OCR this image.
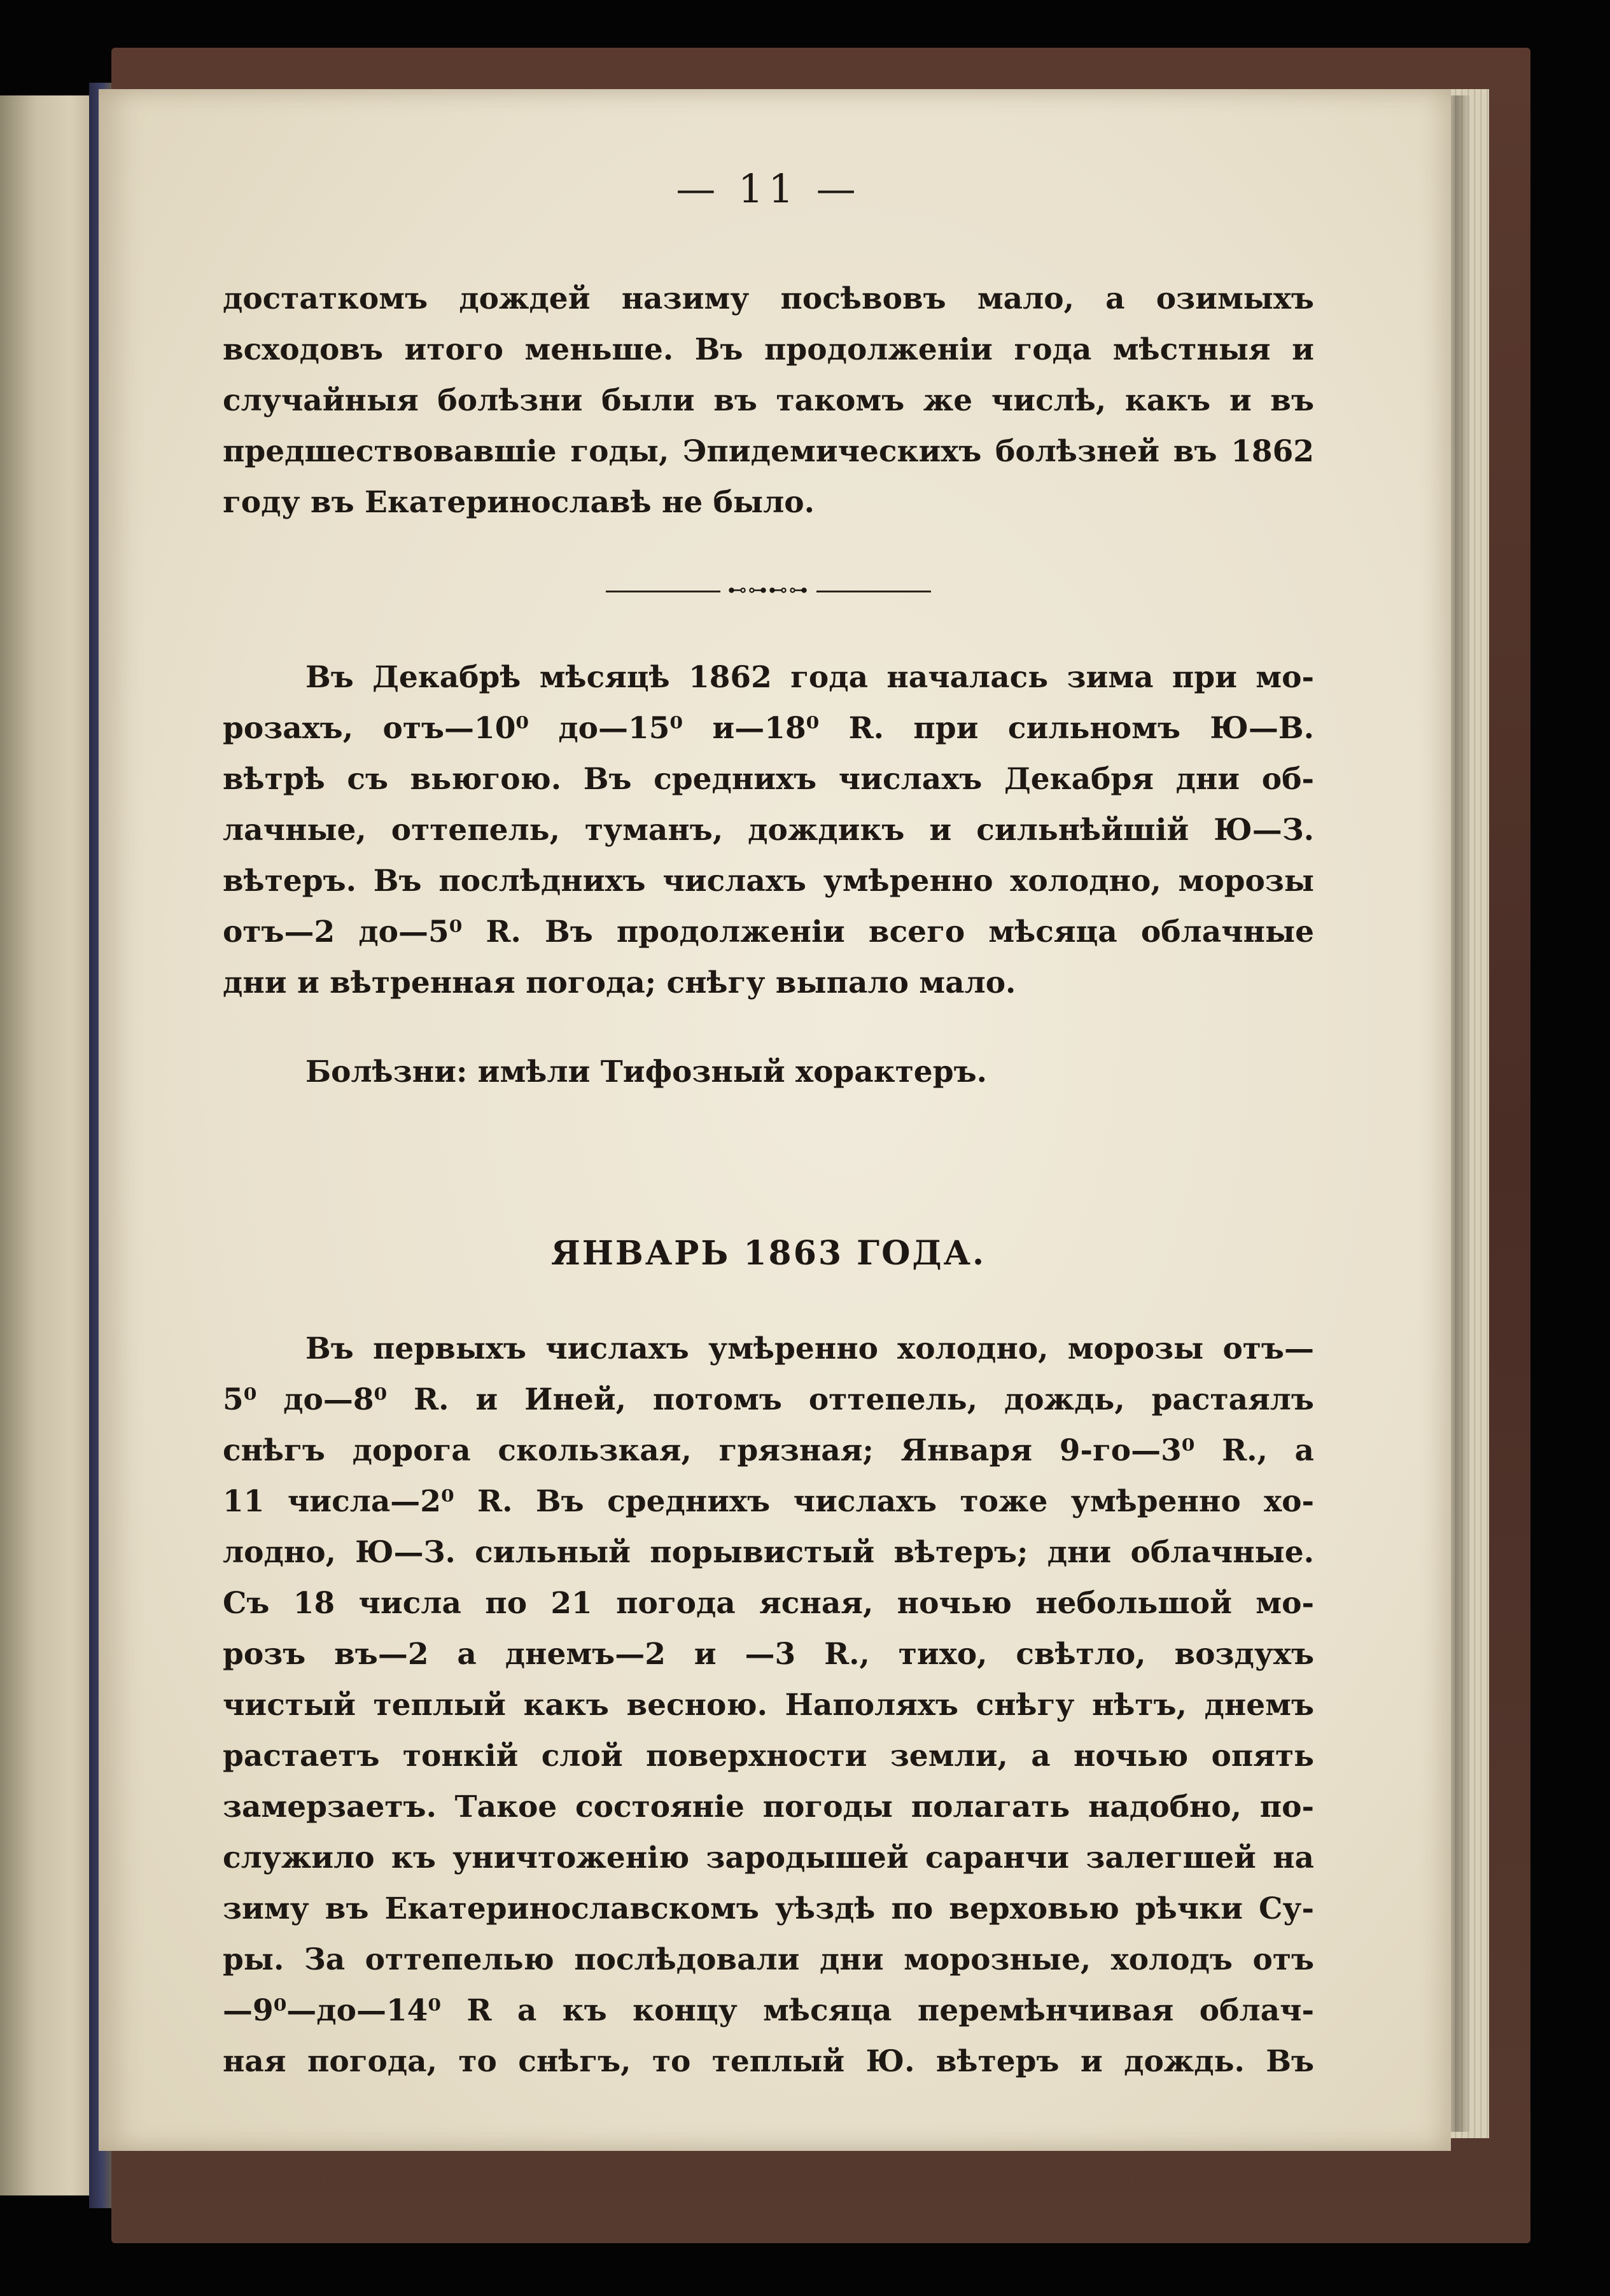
— 11 —
достаткомъ дождей назиму посѣвовъ мало, а озимыхъ
всходовъ итого меньше. Въ продолженіи года мѣстныя и
случайныя болѣзни были въ такомъ же числѣ, какъ и въ
предшествовавшіе годы, Эпидемическихъ болѣзней въ 1862
году въ Екатеринославѣ не было.
⊷⊶⊷⊶
Въ Декабрѣ мѣсяцѣ 1862 года началась зима при мо-
розахъ, отъ—10⁰ до—15⁰ и—18⁰ R. при сильномъ Ю—В.
вѣтрѣ съ вьюгою. Въ среднихъ числахъ Декабря дни об-
лачные, оттепель, туманъ, дождикъ и сильнѣйшій Ю—З.
вѣтеръ. Въ послѣднихъ числахъ умѣренно холодно, морозы
отъ—2 до—5⁰ R. Въ продолженіи всего мѣсяца облачные
дни и вѣтренная погода; снѣгу выпало мало.
Болѣзни: имѣли Тифозный хорактеръ.
ЯНВАРЬ 1863 ГОДА.
Въ первыхъ числахъ умѣренно холодно, морозы отъ—
5⁰ до—8⁰ R. и Иней, потомъ оттепель, дождь, растаялъ
снѣгъ дорога скользкая, грязная; Января 9-го—3⁰ R., а
11 числа—2⁰ R. Въ среднихъ числахъ тоже умѣренно хо-
лодно, Ю—З. сильный порывистый вѣтеръ; дни облачные.
Съ 18 числа по 21 погода ясная, ночью небольшой мо-
розъ въ—2 а днемъ—2 и —3 R., тихо, свѣтло, воздухъ
чистый теплый какъ весною. Наполяхъ снѣгу нѣтъ, днемъ
растаетъ тонкій слой поверхности земли, а ночью опять
замерзаетъ. Такое состояніе погоды полагать надобно, по-
служило къ уничтоженію зародышей саранчи залегшей на
зиму въ Екатеринославскомъ уѣздѣ по верховью рѣчки Су-
ры. За оттепелью послѣдовали дни морозные, холодъ отъ
—9⁰—до—14⁰ R а къ концу мѣсяца перемѣнчивая облач-
ная погода, то снѣгъ, то теплый Ю. вѣтеръ и дождь. Въ
